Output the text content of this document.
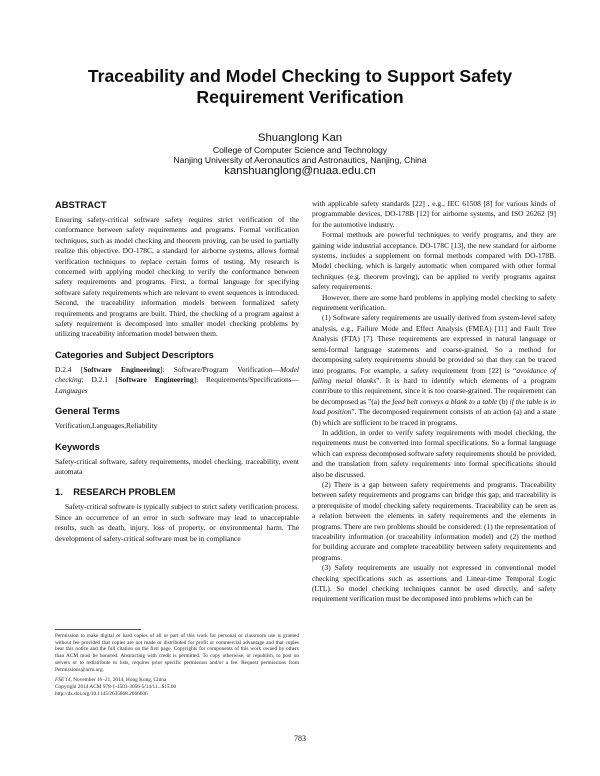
Traceability and Model Checking to Support Safety
Requirement Verification
Shuanglong Kan
College of Computer Science and Technology
Nanjing University of Aeronautics and Astronautics, Nanjing, China
kanshuanglong@nuaa.edu.cn
ABSTRACT

Ensuring safety-critical software safety requires strict verification of the conformance between safety requirements and programs. Formal verification techniques, such as model checking and theorem proving, can be used to partially realize this objective. DO-178C, a standard for airborne systems, allows formal verification techniques to replace certain forms of testing. My research is concerned with applying model checking to verify the conformance between safety requirements and programs. First, a formal language for specifying software safety requirements which are relevant to event sequences is introduced. Second, the traceability information models between formalized safety requirements and programs are built. Third, the checking of a program against a safety requirement is decomposed into smaller model checking problems by utilizing traceability information model between them.

Categories and Subject Descriptors

D.2.4 [Software Engineering]: Software/Program Verification—Model checking; D.2.1 [Software Engineering]: Requirements/Specifications—Languages

General Terms

Verification,Languages,Reliability

Keywords

Safety-critical software, safety requirements, model checking, traceability, event automata

1.    RESEARCH PROBLEM

Safety-critical software is typically subject to strict safety verification process. Since an occurrence of an error in such software may lead to unacceptable results, such as death, injury, loss of property, or environmental harm. The development of safety-critical software must be in compliance

Permission to make digital or hard copies of all or part of this work for personal or classroom use is granted without fee provided that copies are not made or distributed for profit or commercial advantage and that copies bear this notice and the full citation on the first page. Copyrights for components of this work owned by others than ACM must be honored. Abstracting with credit is permitted. To copy otherwise, or republish, to post on servers or to redistribute to lists, requires prior specific permission and/or a fee. Request permissions from Permissions@acm.org.
FSE'14, November 16–21, 2014, Hong Kong, China
Copyright 2014 ACM 978-1-4503-3056-5/14/11...$15.00
http://dx.doi.org/10.1145/2635868.2666606

with applicable safety standards [22] , e.g., IEC 61508 [8] for various kinds of programmable devices, DO-178B [12] for airborne systems, and ISO 26262 [9] for the automotive industry.

Formal methods are powerful techniques to verify programs, and they are gaining wide industrial acceptance. DO-178C [13], the new standard for airborne systems, includes a supplement on formal methods compared with DO-178B. Model checking, which is largely automatic when compared with other formal techniques (e.g. theorem proving), can be applied to verify programs against safety requirements.

However, there are some hard problems in applying model checking to safety requirement verification.

(1) Software safety requirements are usually derived from system-level safety analysis, e.g., Failure Mode and Effect Analysis (FMEA) [11] and Fault Tree Analysis (FTA) [7]. These requirements are expressed in natural language or semi-formal language statements and coarse-grained. So a method for decomposing safety requirements should be provided so that they can be traced into programs. For example, a safety requirement from [22] is “avoidance of falling metal blanks”. It is hard to identify which elements of a program contribute to this requirement, since it is too coarse-grained. The requirement can be decomposed as ”(a) the feed belt conveys a blank to a table (b) if the table is in load position”. The decomposed requirement consists of an action (a) and a state (b) which are sufficient to be traced in programs.

In addition, in order to verify safety requirements with model checking, the requirements must be converted into formal specifications. So a formal language which can express decomposed software safety requirements should be provided, and the translation from safety requirements into formal specifications should also be discussed.

(2) There is a gap between safety requirements and programs. Traceability between safety requirements and programs can bridge this gap, and traceability is a prerequisite of model checking safety requirements. Traceability can be seen as a relation between the elements in safety requirements and the elements in programs. There are two problems should be considered: (1) the representation of traceability information (or traceability information model) and (2) the method for building accurate and complete traceability between safety requirements and programs.

(3) Safety requirements are usually not expressed in conventional model checking specifications such as assertions and Linear-time Temporal Logic (LTL). So model checking techniques cannot be used directly, and safety requirement verification must be decomposed into problems which can be

783
